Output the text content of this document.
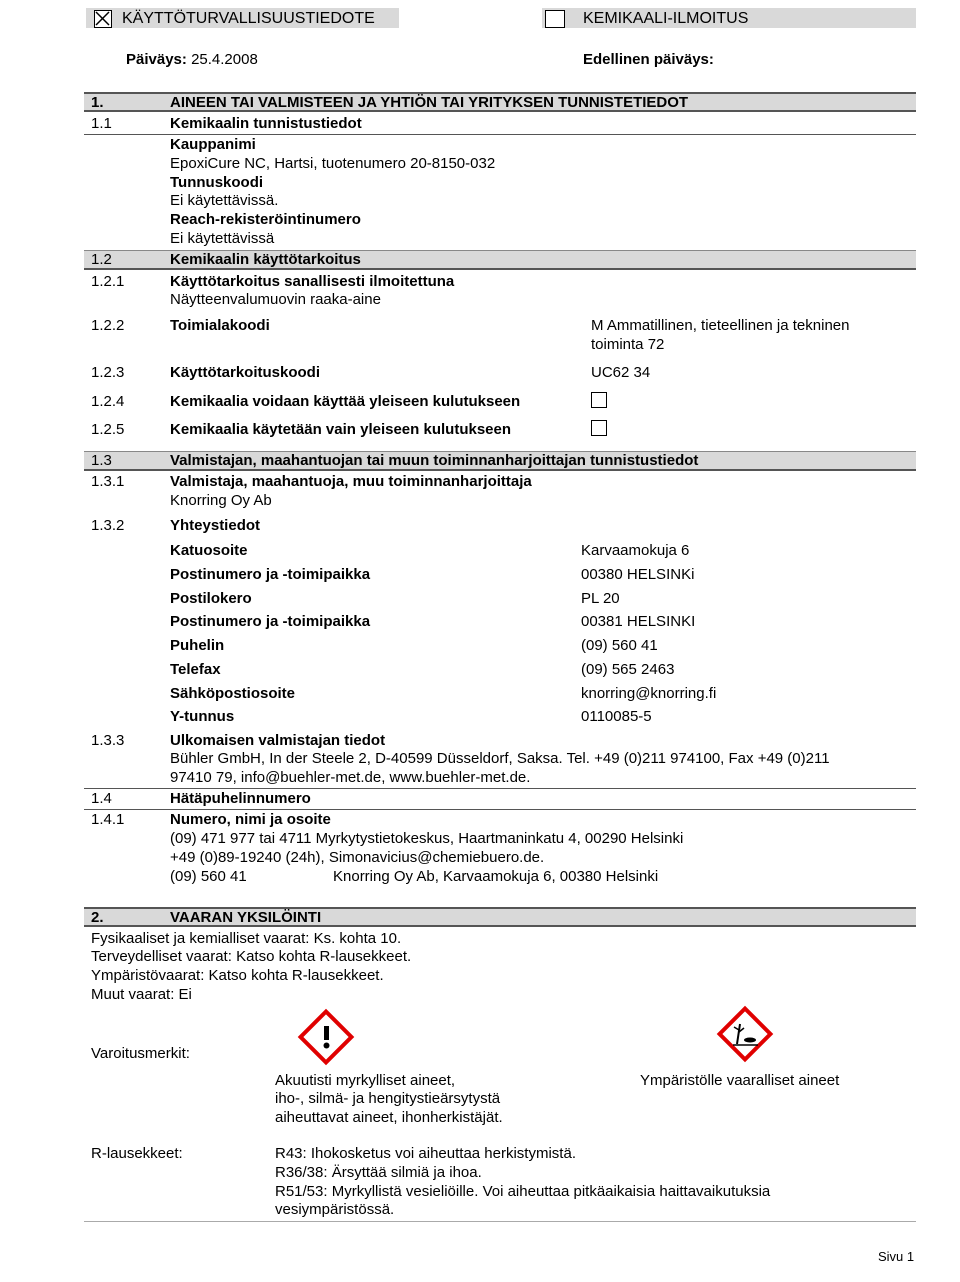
KÄYTTÖTURVALLISUUSTIEDOTE	KEMIKAALI-ILMOITUS
Päiväys: 25.4.2008	Edellinen päiväys:
1.	AINEEN TAI VALMISTEEN JA YHTIÖN TAI YRITYKSEN TUNNISTETIEDOT
1.1	Kemikaalin tunnistustiedot
Kauppanimi
EpoxiCure NC, Hartsi, tuotenumero 20-8150-032
Tunnuskoodi
Ei käytettävissä.
Reach-rekisteröintinumero
Ei käytettävissä
1.2	Kemikaalin käyttötarkoitus
1.2.1	Käyttötarkoitus sanallisesti ilmoitettuna
Näytteenvalumuovin raaka-aine
1.2.2	Toimialakoodi	M Ammatillinen, tieteellinen ja tekninen
toiminta 72
1.2.3	Käyttötarkoituskoodi	UC62 34
1.2.4	Kemikaalia voidaan käyttää yleiseen kulutukseen
1.2.5	Kemikaalia käytetään vain yleiseen kulutukseen
1.3	Valmistajan, maahantuojan tai muun toiminnanharjoittajan tunnistustiedot
1.3.1	Valmistaja, maahantuoja, muu toiminnanharjoittaja
Knorring Oy Ab
1.3.2	Yhteystiedot
Katuosoite	Karvaamokuja 6
Postinumero ja -toimipaikka	00380 HELSINKi
Postilokero	PL 20
Postinumero ja -toimipaikka	00381 HELSINKI
Puhelin	(09) 560 41
Telefax	(09) 565 2463
Sähköpostiosoite	knorring@knorring.fi
Y-tunnus	0110085-5
1.3.3	Ulkomaisen valmistajan tiedot
Bühler GmbH, In der Steele 2, D-40599 Düsseldorf, Saksa. Tel. +49 (0)211 974100, Fax +49 (0)211
97410 79, info@buehler-met.de, www.buehler-met.de.
1.4	Hätäpuhelinnumero
1.4.1	Numero, nimi ja osoite
(09) 471 977 tai 4711 Myrkytystietokeskus, Haartmaninkatu 4, 00290 Helsinki
+49 (0)89-19240 (24h), Simonavicius@chemiebuero.de.
(09) 560 41	Knorring Oy Ab, Karvaamokuja 6, 00380 Helsinki
2.	VAARAN YKSILÖINTI
Fysikaaliset ja kemialliset vaarat: Ks. kohta 10.
Terveydelliset vaarat: Katso kohta R-lausekkeet.
Ympäristövaarat: Katso kohta R-lausekkeet.
Muut vaarat: Ei
Varoitusmerkit:
Akuutisti myrkylliset aineet,
iho-, silmä- ja hengitystieärsytystä
aiheuttavat aineet, ihonherkistäjät.
Ympäristölle vaaralliset aineet
R-lausekkeet:	R43: Ihokosketus voi aiheuttaa herkistymistä.
R36/38: Ärsyttää silmiä ja ihoa.
R51/53: Myrkyllistä vesieliöille. Voi aiheuttaa pitkäaikaisia haittavaikutuksia
vesiympäristössä.
Sivu 1
